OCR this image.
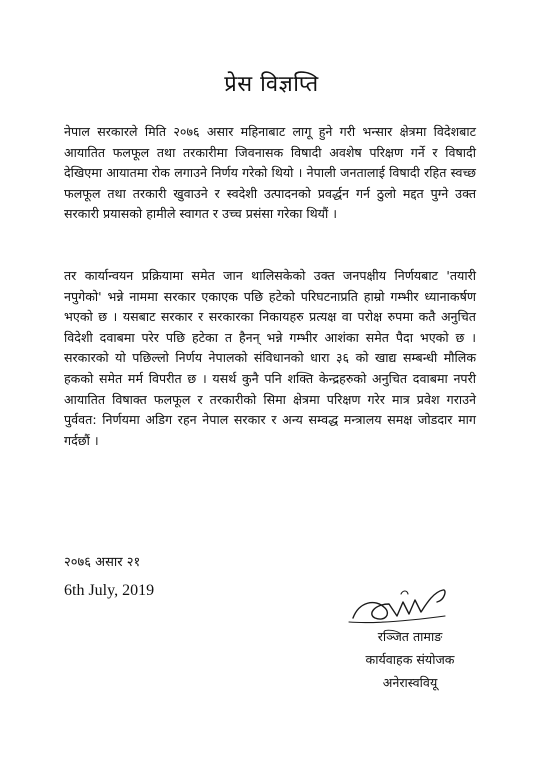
प्रेस विज्ञप्ति

नेपाल सरकारले मिति २०७६ असार महिनाबाट लागू हुने गरी भन्सार क्षेत्रमा विदेशबाट आयातित फलफूल तथा तरकारीमा जिवनासक विषादी अवशेष परिक्षण गर्ने र विषादी देखिएमा आयातमा रोक लगाउने निर्णय गरेको थियो । नेपाली जनतालाई विषादी रहित स्वच्छ फलफूल तथा तरकारी खुवाउने र स्वदेशी उत्पादनको प्रवर्द्धन गर्न ठुलो मद्दत पुग्ने उक्त सरकारी प्रयासको हामीले स्वागत र उच्च प्रसंसा गरेका थियौं ।

तर कार्यान्वयन प्रक्रियामा समेत जान थालिसकेको उक्त जनपक्षीय निर्णयबाट 'तयारी नपुगेको' भन्ने नाममा सरकार एकाएक पछि हटेको परिघटनाप्रति हाम्रो गम्भीर ध्यानाकर्षण भएको छ । यसबाट सरकार र सरकारका निकायहरु प्रत्यक्ष वा परोक्ष रुपमा कतै अनुचित विदेशी दवाबमा परेर पछि हटेका त हैनन् भन्ने गम्भीर आशंका समेत पैदा भएको छ । सरकारको यो पछिल्लो निर्णय नेपालको संविधानको धारा ३६ को खाद्य सम्बन्धी मौलिक हकको समेत मर्म विपरीत छ । यसर्थ कुनै पनि शक्ति केन्द्रहरुको अनुचित दवाबमा नपरी आयातित विषाक्त फलफूल र तरकारीको सिमा क्षेत्रमा परिक्षण गरेर मात्र प्रवेश गराउने पुर्ववत: निर्णयमा अडिग रहन नेपाल सरकार र अन्य सम्वद्ध मन्त्रालय समक्ष जोडदार माग गर्दछौं ।

२०७६ असार २१
6th July, 2019
रञ्जित तामाङ
कार्यवाहक संयोजक
अनेरास्ववियू
